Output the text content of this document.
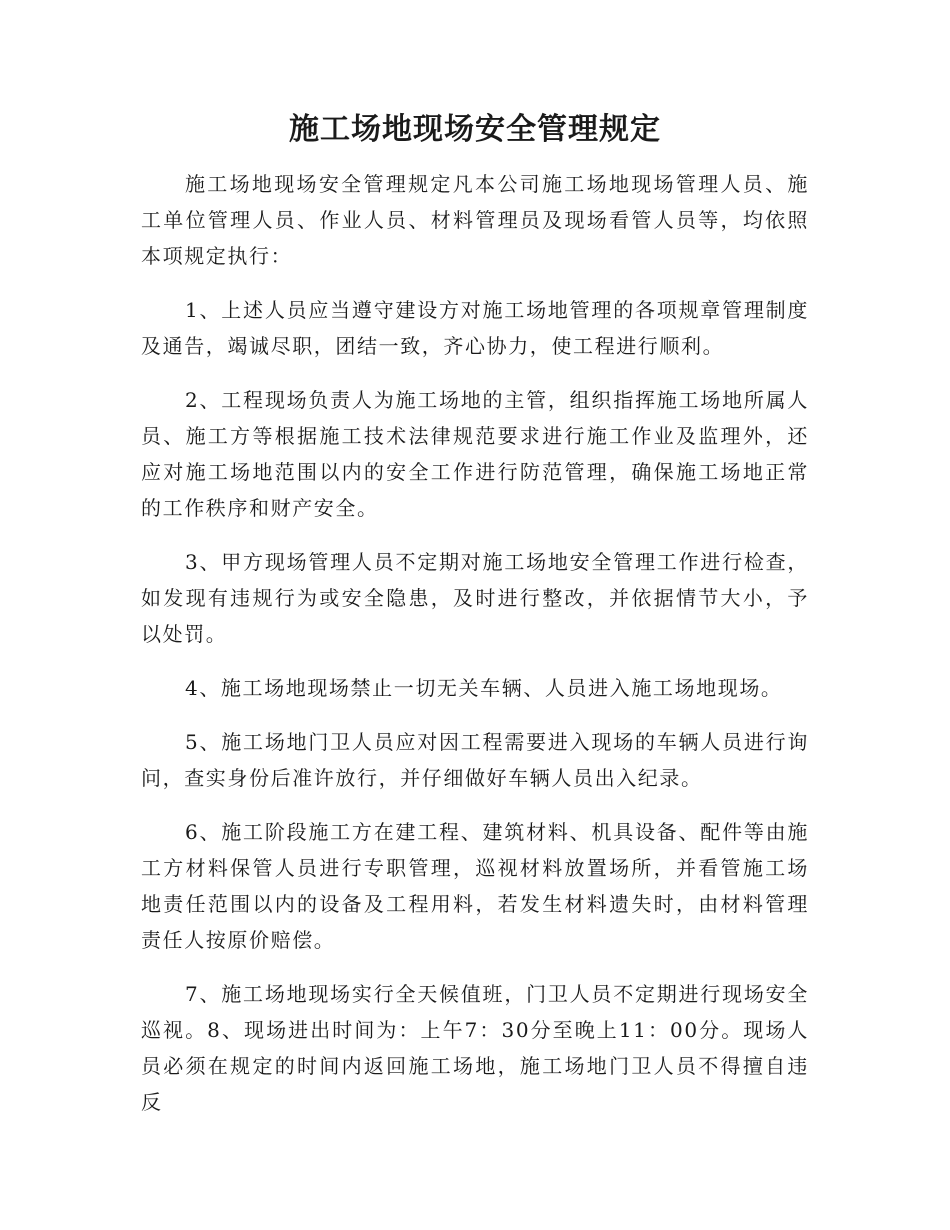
施工场地现场安全管理规定

施工场地现场安全管理规定凡本公司施工场地现场管理人员、施工单位管理人员、作业人员、材料管理员及现场看管人员等，均依照本项规定执行：

1、上述人员应当遵守建设方对施工场地管理的各项规章管理制度及通告，竭诚尽职，团结一致，齐心协力，使工程进行顺利。

2、工程现场负责人为施工场地的主管，组织指挥施工场地所属人员、施工方等根据施工技术法律规范要求进行施工作业及监理外，还应对施工场地范围以内的安全工作进行防范管理，确保施工场地正常的工作秩序和财产安全。

3、甲方现场管理人员不定期对施工场地安全管理工作进行检查，如发现有违规行为或安全隐患，及时进行整改，并依据情节大小，予以处罚。

4、施工场地现场禁止一切无关车辆、人员进入施工场地现场。

5、施工场地门卫人员应对因工程需要进入现场的车辆人员进行询问，查实身份后准许放行，并仔细做好车辆人员出入纪录。

6、施工阶段施工方在建工程、建筑材料、机具设备、配件等由施工方材料保管人员进行专职管理，巡视材料放置场所，并看管施工场地责任范围以内的设备及工程用料，若发生材料遗失时，由材料管理责任人按原价赔偿。

7、施工场地现场实行全天候值班，门卫人员不定期进行现场安全巡视。8、现场进出时间为：上午7：30分至晚上11：00分。现场人员必须在规定的时间内返回施工场地，施工场地门卫人员不得擅自违反
